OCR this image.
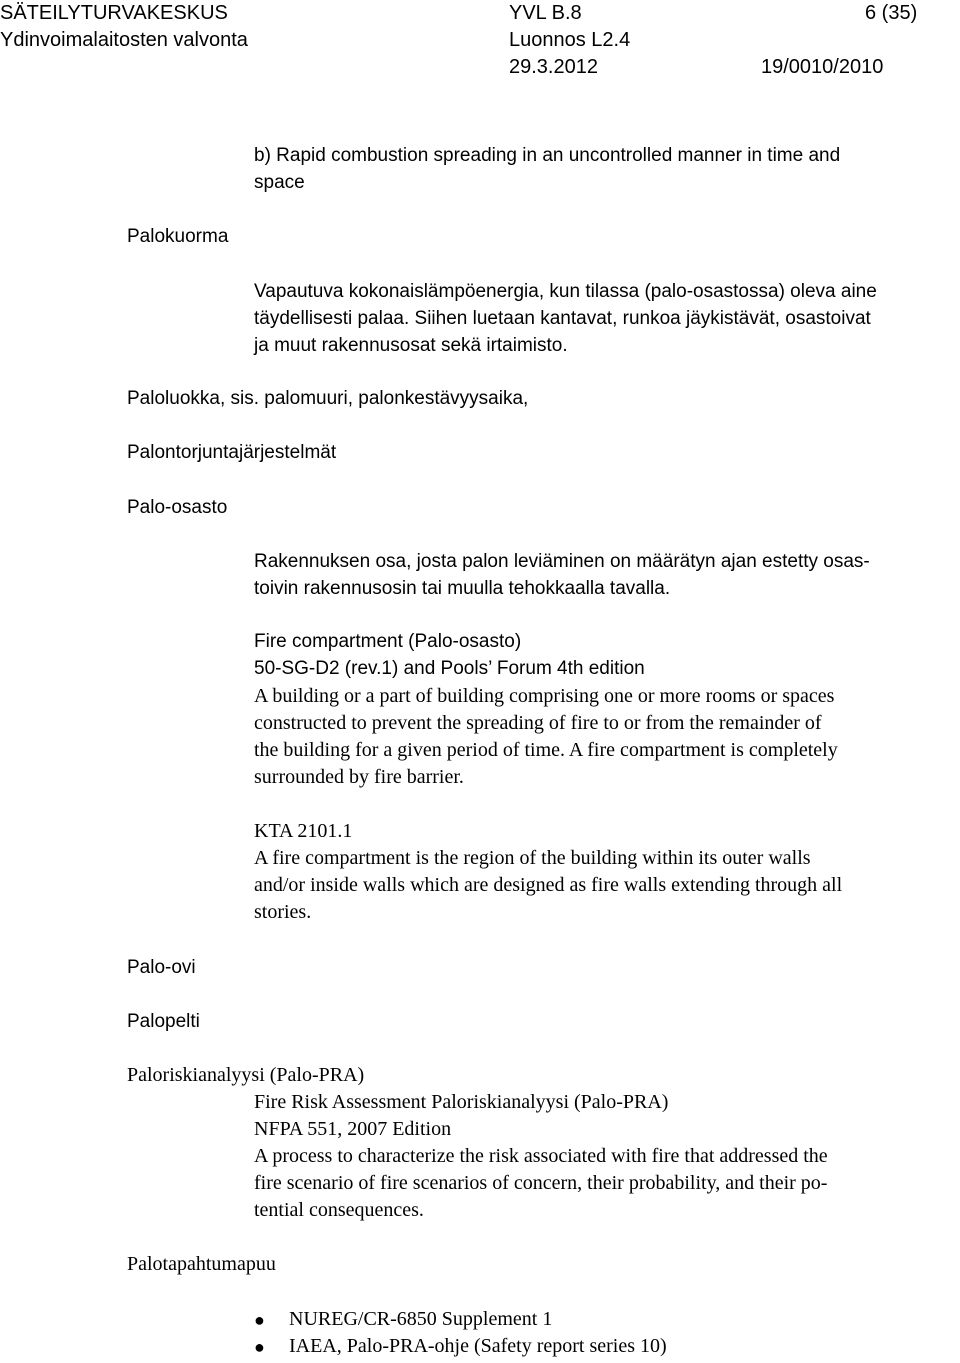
SÄTEILYTURVAKESKUS
Ydinvoimalaitosten valvonta
YVL B.8
Luonnos L2.4
29.3.2012
6 (35)
19/0010/2010
b) Rapid combustion spreading in an uncontrolled manner in time and
space
Palokuorma
Vapautuva kokonaislämpöenergia, kun tilassa (palo-osastossa) oleva aine
täydellisesti palaa. Siihen luetaan kantavat, runkoa jäykistävät, osastoivat
ja muut rakennusosat sekä irtaimisto.
Paloluokka, sis. palomuuri, palonkestävyysaika,
Palontorjuntajärjestelmät
Palo-osasto
Rakennuksen osa, josta palon leviäminen on määrätyn ajan estetty osas-
toivin rakennusosin tai muulla tehokkaalla tavalla.
Fire compartment (Palo-osasto)
50-SG-D2 (rev.1) and Pools’ Forum 4th edition
A building or a part of building comprising one or more rooms or spaces
constructed to prevent the spreading of fire to or from the remainder of
the building for a given period of time. A fire compartment is completely
surrounded by fire barrier.
KTA 2101.1
A fire compartment is the region of the building within its outer walls
and/or inside walls which are designed as fire walls extending through all
stories.
Palo-ovi
Palopelti
Paloriskianalyysi (Palo-PRA)
Fire Risk Assessment Paloriskianalyysi (Palo-PRA)
NFPA 551, 2007 Edition
A process to characterize the risk associated with fire that addressed the
fire scenario of fire scenarios of concern, their probability, and their po-
tential consequences.
Palotapahtumapuu
● NUREG/CR-6850 Supplement 1
● IAEA, Palo-PRA-ohje (Safety report series 10)
